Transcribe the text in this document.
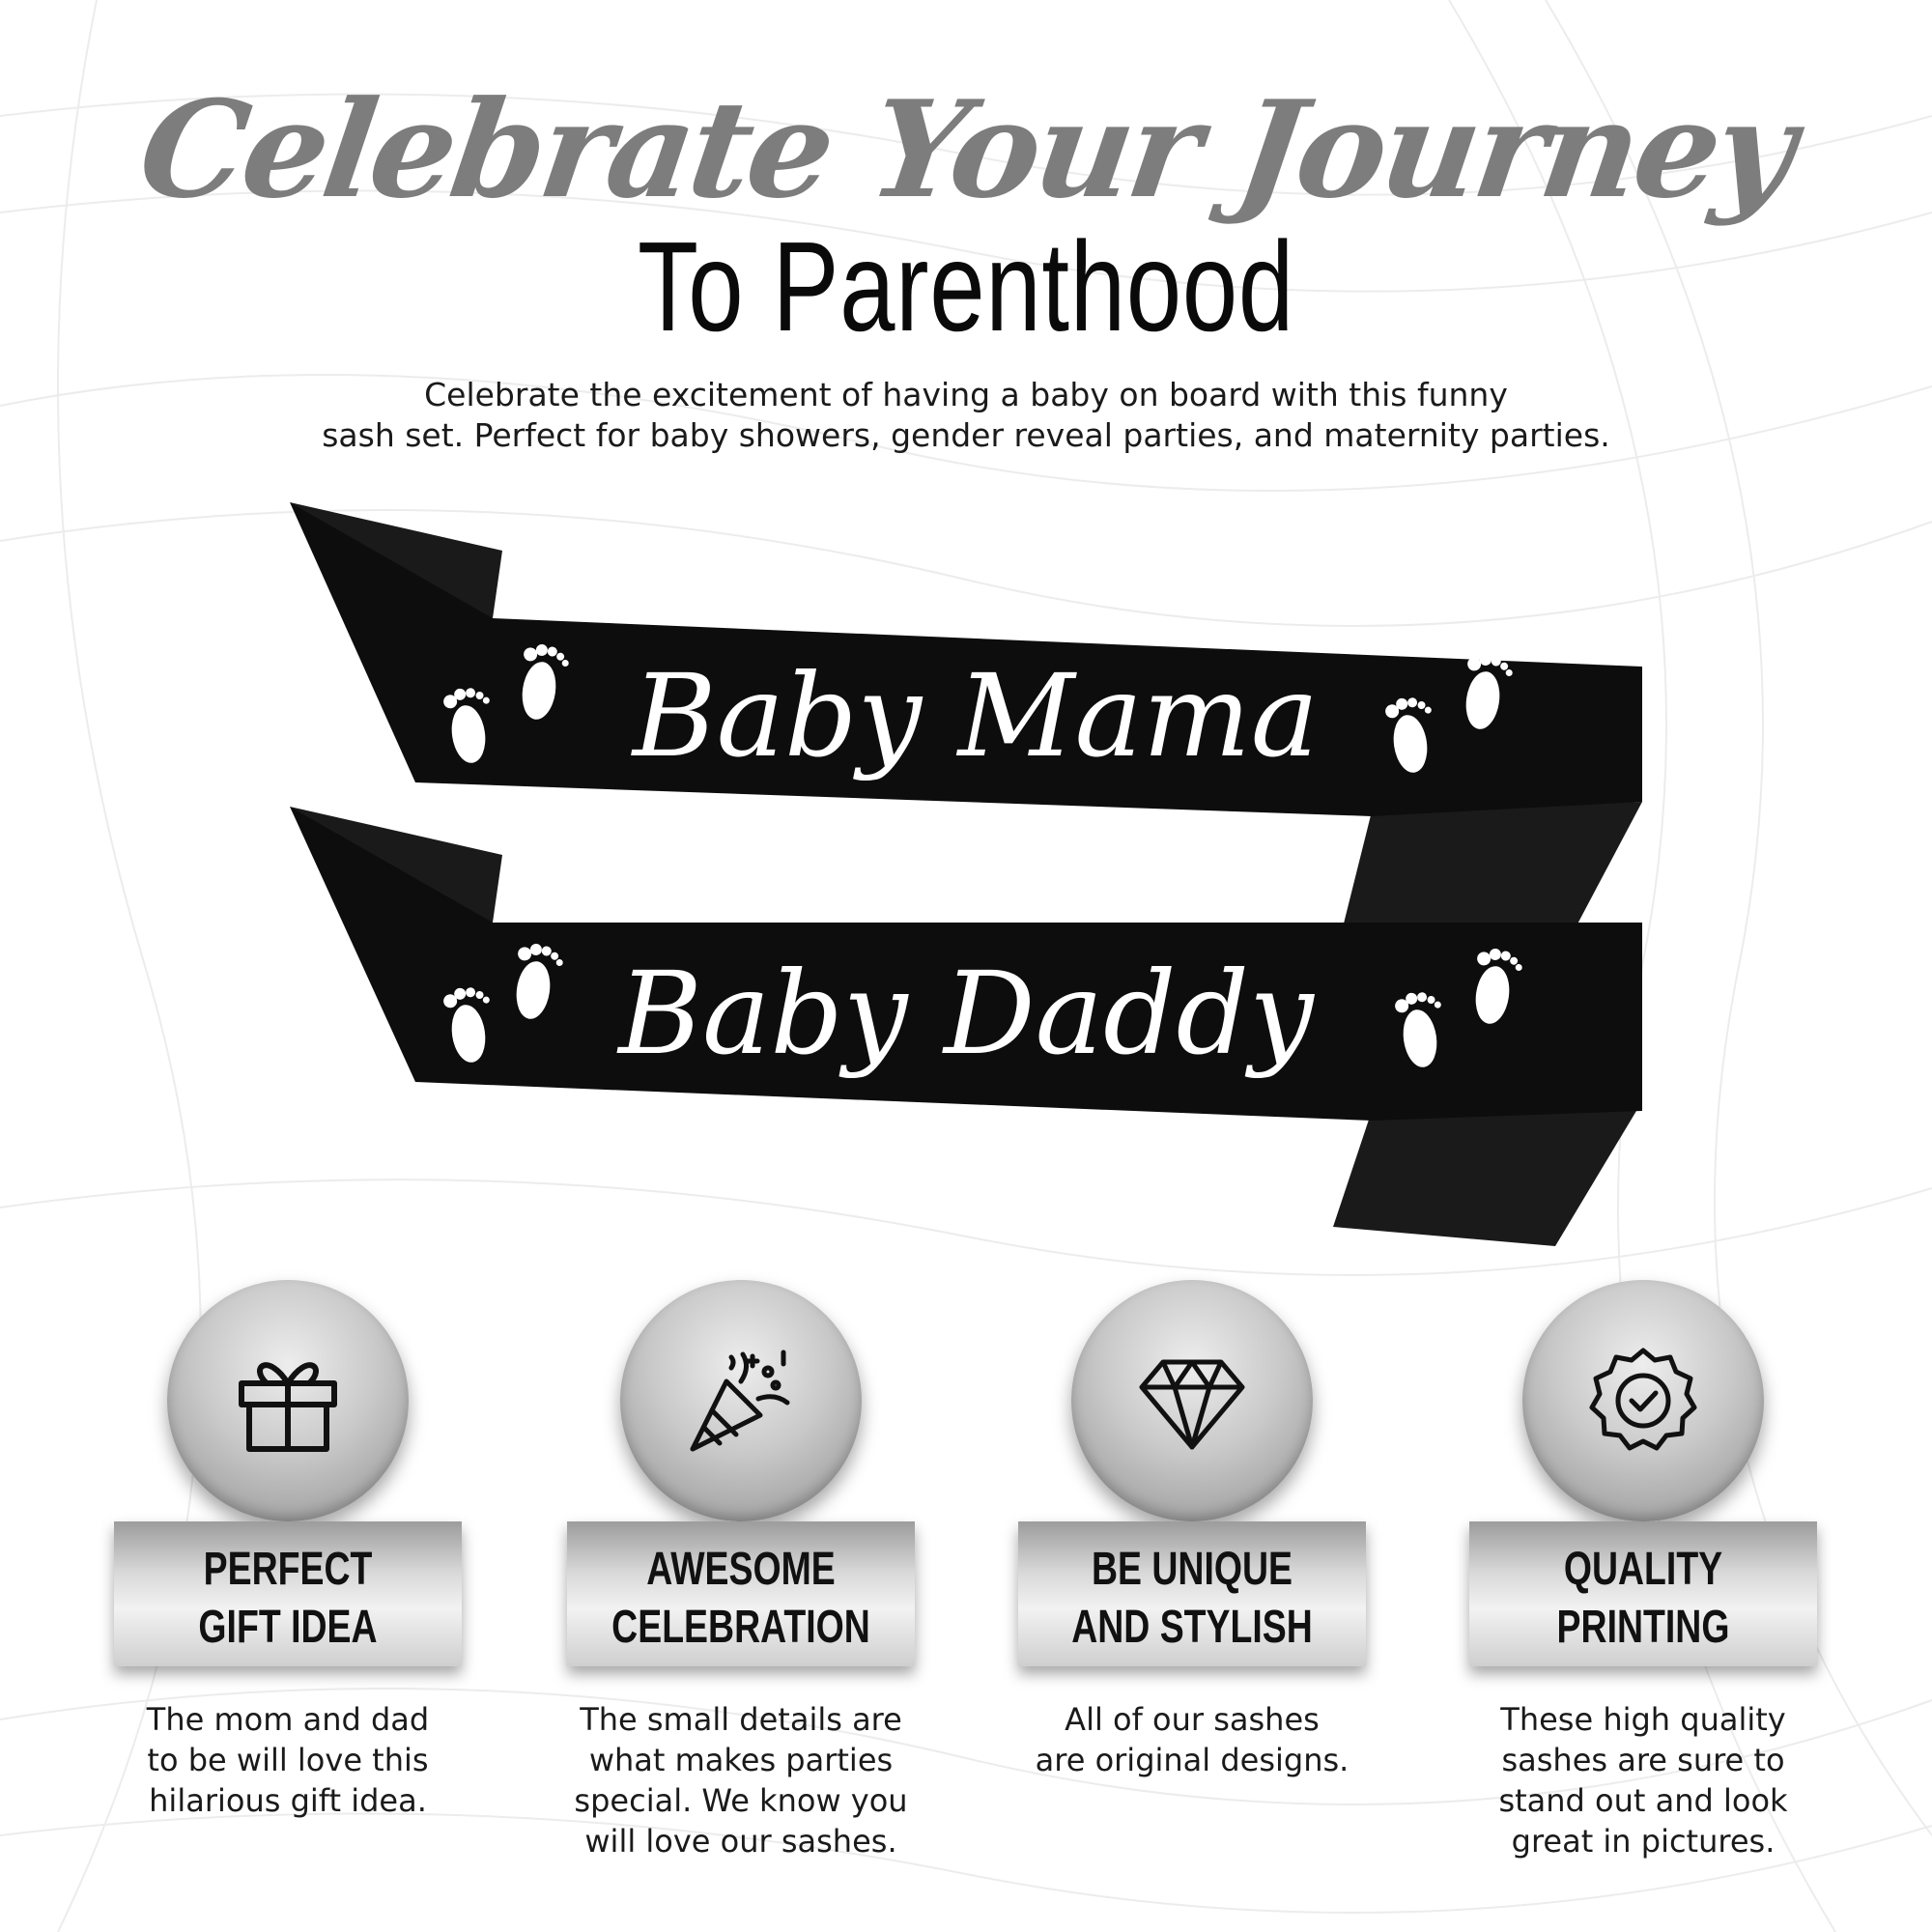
Celebrate Your Journey
To Parenthood
Celebrate the excitement of having a baby on board with this funny
sash set. Perfect for baby showers, gender reveal parties, and maternity parties.
Baby Mama
Baby Daddy
PERFECT
GIFT IDEA
The mom and dad
to be will love this
hilarious gift idea.
AWESOME
CELEBRATION
The small details are
what makes parties
special. We know you
will love our sashes.
BE UNIQUE
AND STYLISH
All of our sashes
are original designs.
QUALITY
PRINTING
These high quality
sashes are sure to
stand out and look
great in pictures.
